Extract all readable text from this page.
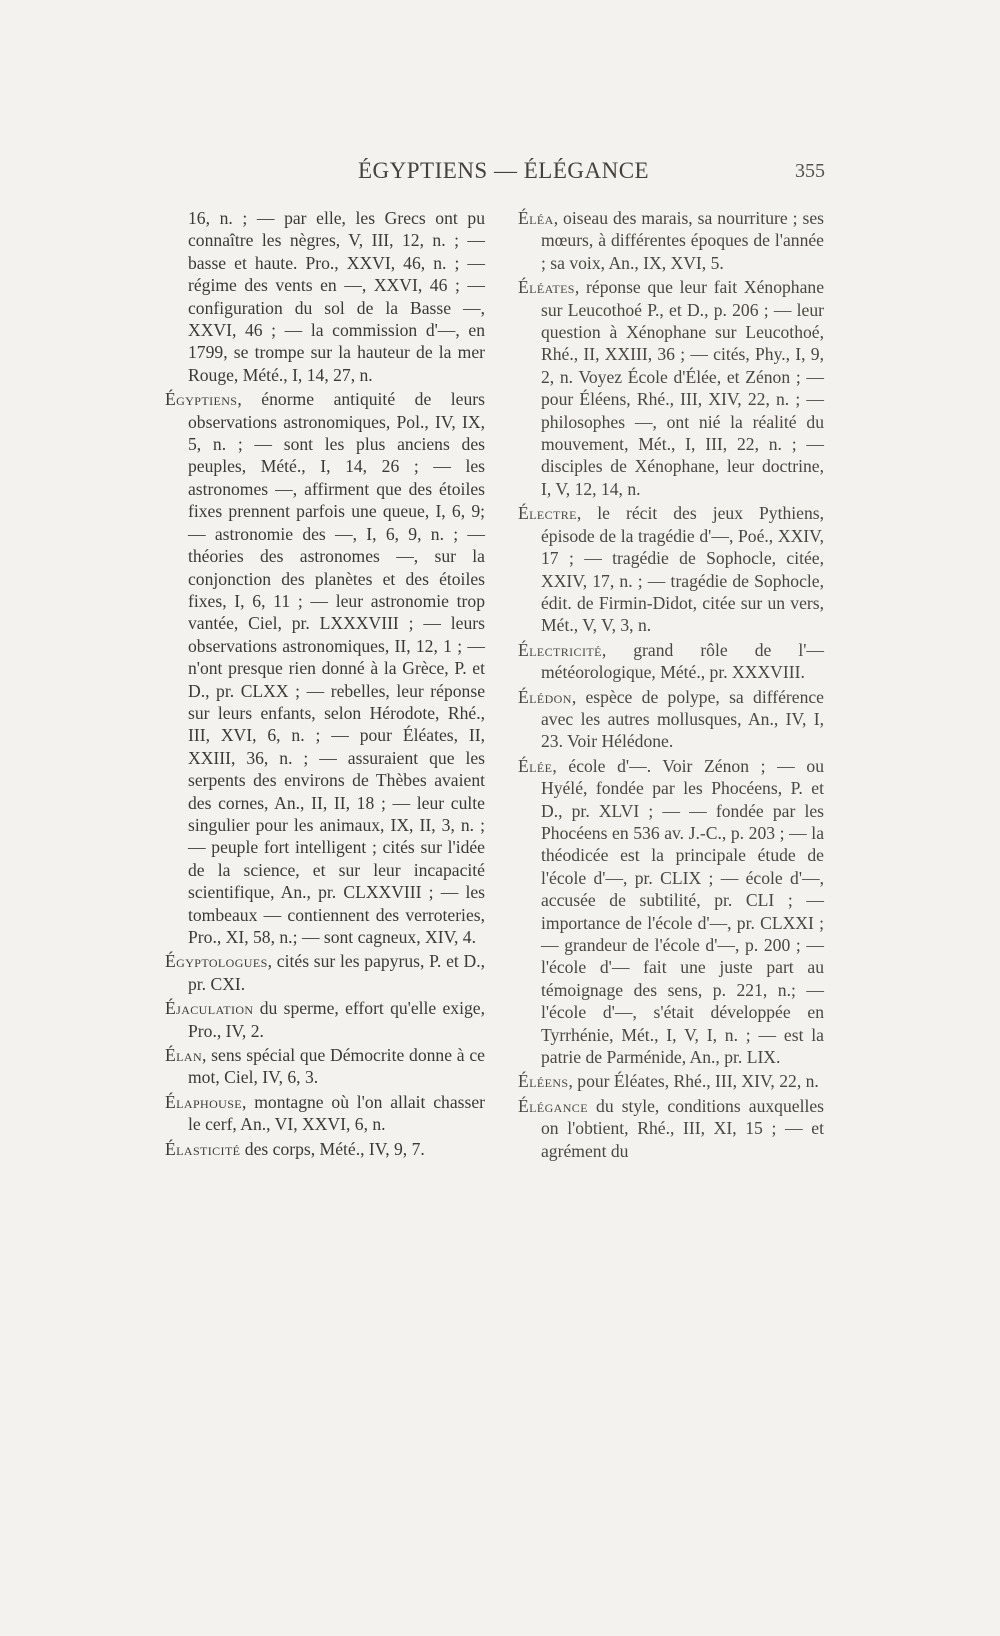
ÉGYPTIENS — ÉLÉGANCE	355

16, n. ; — par elle, les Grecs ont pu connaître les nègres, V, III, 12, n. ; — basse et haute. Pro., XXVI, 46, n. ; — régime des vents en —, XXVI, 46 ; — configuration du sol de la Basse —, XXVI, 46 ; — la commission d'—, en 1799, se trompe sur la hauteur de la mer Rouge, Mété., I, 14, 27, n.

Égyptiens, énorme antiquité de leurs observations astronomiques, Pol., IV, IX, 5, n. ; — sont les plus anciens des peuples, Mété., I, 14, 26 ; — les astronomes —, affirment que des étoiles fixes prennent parfois une queue, I, 6, 9; — astronomie des —, I, 6, 9, n. ; — théories des astronomes —, sur la conjonction des planètes et des étoiles fixes, I, 6, 11 ; — leur astronomie trop vantée, Ciel, pr. LXXXVIII ; — leurs observations astronomiques, II, 12, 1 ; — n'ont presque rien donné à la Grèce, P. et D., pr. CLXX ; — rebelles, leur réponse sur leurs enfants, selon Hérodote, Rhé., III, XVI, 6, n. ; — pour Éléates, II, XXIII, 36, n. ; — assuraient que les serpents des environs de Thèbes avaient des cornes, An., II, II, 18 ; — leur culte singulier pour les animaux, IX, II, 3, n. ; — peuple fort intelligent ; cités sur l'idée de la science, et sur leur incapacité scientifique, An., pr. CLXXVIII ; — les tombeaux — contiennent des verroteries, Pro., XI, 58, n.; — sont cagneux, XIV, 4.

Égyptologues, cités sur les papyrus, P. et D., pr. CXI.

Éjaculation du sperme, effort qu'elle exige, Pro., IV, 2.

Élan, sens spécial que Démocrite donne à ce mot, Ciel, IV, 6, 3.

Élaphouse, montagne où l'on allait chasser le cerf, An., VI, XXVI, 6, n.

Élasticité des corps, Mété., IV, 9, 7.

Éléa, oiseau des marais, sa nourriture ; ses mœurs, à différentes époques de l'année ; sa voix, An., IX, XVI, 5.

Éléates, réponse que leur fait Xénophane sur Leucothoé P., et D., p. 206 ; — leur question à Xénophane sur Leucothoé, Rhé., II, XXIII, 36 ; — cités, Phy., I, 9, 2, n. Voyez École d'Élée, et Zénon ; — pour Éléens, Rhé., III, XIV, 22, n. ; — philosophes —, ont nié la réalité du mouvement, Mét., I, III, 22, n. ; — disciples de Xénophane, leur doctrine, I, V, 12, 14, n.

Électre, le récit des jeux Pythiens, épisode de la tragédie d'—, Poé., XXIV, 17 ; — tragédie de Sophocle, citée, XXIV, 17, n. ; — tragédie de Sophocle, édit. de Firmin-Didot, citée sur un vers, Mét., V, V, 3, n.

Électricité, grand rôle de l'— météorologique, Mété., pr. XXXVIII.

Élédon, espèce de polype, sa différence avec les autres mollusques, An., IV, I, 23. Voir Hélédone.

Élée, école d'—. Voir Zénon ; — ou Hyélé, fondée par les Phocéens, P. et D., pr. XLVI ; — — fondée par les Phocéens en 536 av. J.-C., p. 203 ; — la théodicée est la principale étude de l'école d'—, pr. CLIX ; — école d'—, accusée de subtilité, pr. CLI ; — importance de l'école d'—, pr. CLXXI ; — grandeur de l'école d'—, p. 200 ; — l'école d'— fait une juste part au témoignage des sens, p. 221, n.; — l'école d'—, s'était développée en Tyrrhénie, Mét., I, V, I, n. ; — est la patrie de Parménide, An., pr. LIX.

Éléens, pour Éléates, Rhé., III, XIV, 22, n.

Élégance du style, conditions auxquelles on l'obtient, Rhé., III, XI, 15 ; — et agrément du
